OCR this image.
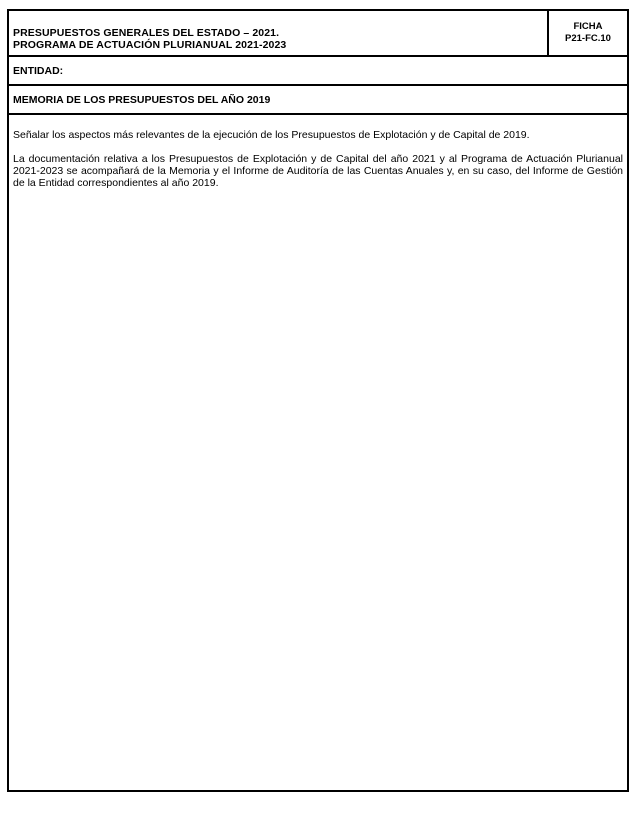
PRESUPUESTOS GENERALES DEL ESTADO – 2021.
PROGRAMA DE ACTUACIÓN PLURIANUAL 2021-2023
FICHA
P21-FC.10
ENTIDAD:
MEMORIA DE LOS PRESUPUESTOS DEL AÑO 2019

Señalar los aspectos más relevantes de la ejecución de los Presupuestos de Explotación y de Capital de 2019.

La documentación relativa a los Presupuestos de Explotación y de Capital del año 2021 y al Programa de Actuación Plurianual 2021-2023 se acompañará de la Memoria y el Informe de Auditoría de las Cuentas Anuales y, en su caso, del Informe de Gestión de la Entidad correspondientes al año 2019.
